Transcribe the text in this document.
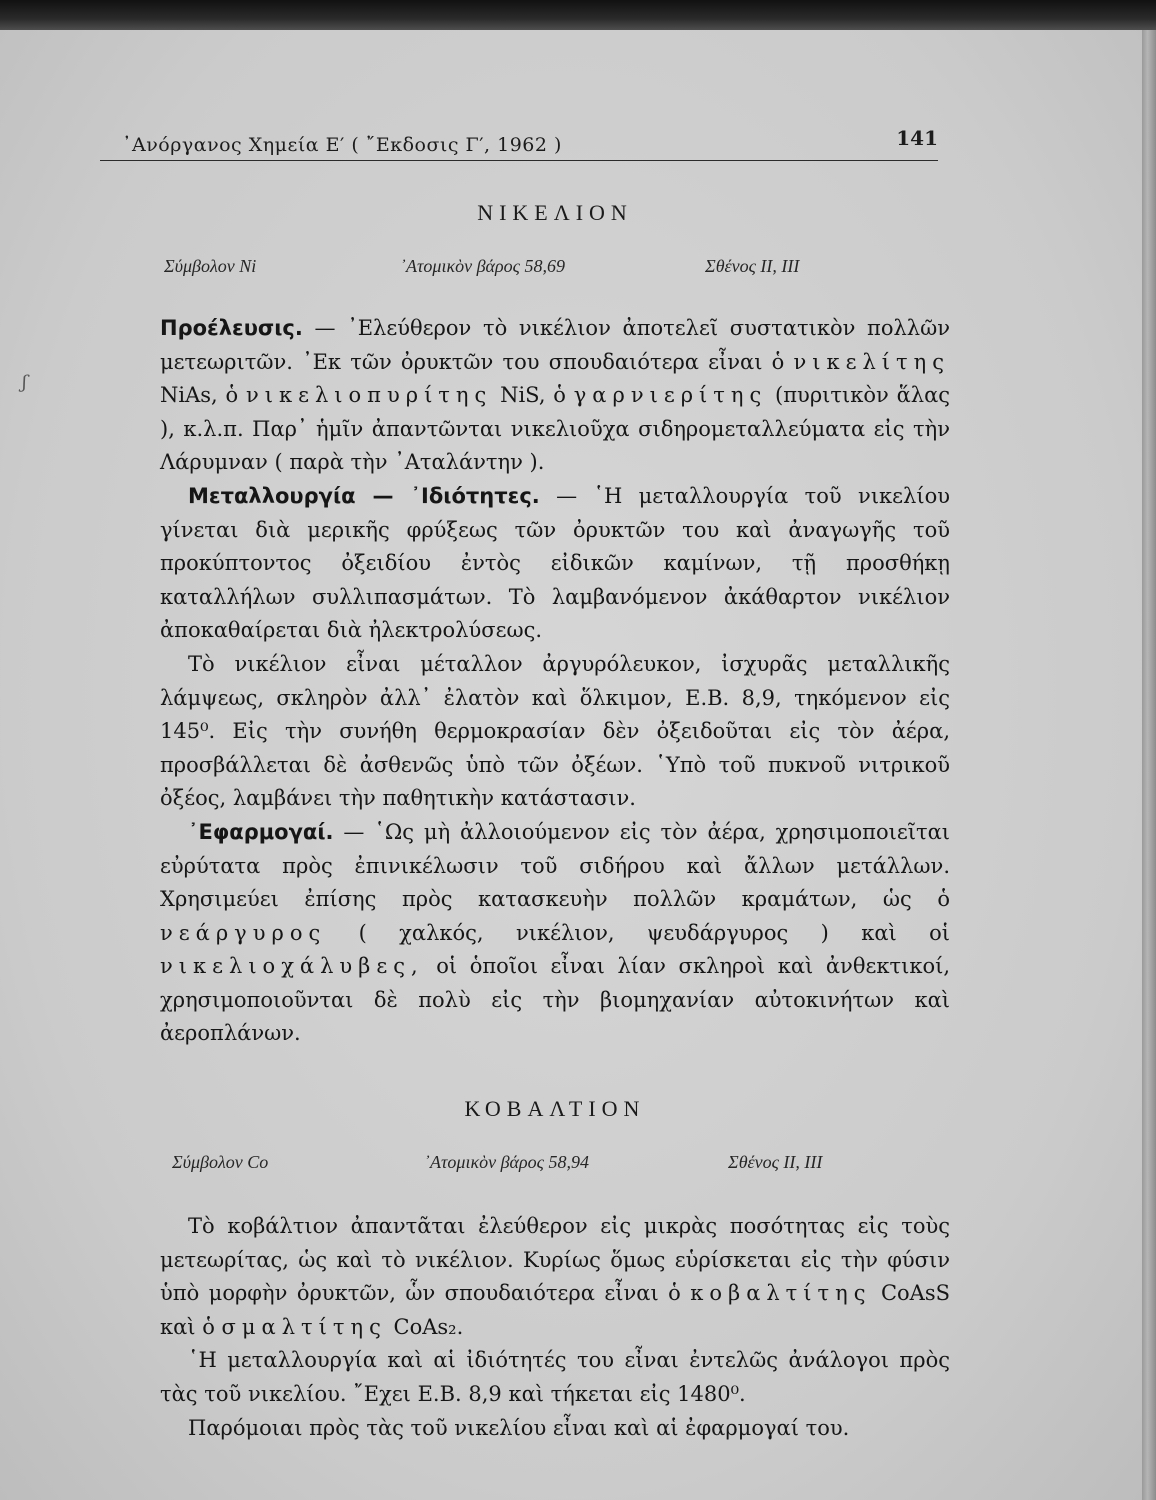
᾿Ανόργανος Χημεία Ε′ ( ῎Εκδοσις Γ′, 1962 )	141
ʃ
ΝΙΚΕΛΙΟΝ
Σύμβολον Νi	᾿Ατομικὸν βάρος 58,69	Σθένος ΙΙ, ΙΙΙ

Προέλευσις. — ᾿Ελεύθερον τὸ νικέλιον ἀποτελεῖ συστατικὸν πολλῶν μετεωριτῶν. ᾿Εκ τῶν ὀρυκτῶν του σπουδαιότερα εἶναι ὁ νικελίτης NiAs, ὁ νικελιοπυρίτης NiS, ὁ γαρνιερίτης (πυριτικὸν ἅλας ), κ.λ.π. Παρ᾿ ἡμῖν ἀπαντῶνται νικελιοῦχα σιδηρομεταλλεύματα εἰς τὴν Λάρυμναν ( παρὰ τὴν ᾿Αταλάντην ).

Μεταλλουργία — ᾿Ιδιότητες. — ῾Η μεταλλουργία τοῦ νικελίου γίνεται διὰ μερικῆς φρύξεως τῶν ὀρυκτῶν του καὶ ἀναγωγῆς τοῦ προκύπτοντος ὀξειδίου ἐντὸς εἰδικῶν καμίνων, τῇ προσθήκῃ καταλλήλων συλλιπασμάτων. Τὸ λαμβανόμενον ἀκάθαρτον νικέλιον ἀποκαθαίρεται διὰ ἠλεκτρολύσεως.

Τὸ νικέλιον εἶναι μέταλλον ἀργυρόλευκον, ἰσχυρᾶς μεταλλικῆς λάμψεως, σκληρὸν ἀλλ᾿ ἐλατὸν καὶ ὅλκιμον, Ε.Β. 8,9, τηκόμενον εἰς 145⁰. Εἰς τὴν συνήθη θερμοκρασίαν δὲν ὀξειδοῦται εἰς τὸν ἀέρα, προσβάλλεται δὲ ἀσθενῶς ὑπὸ τῶν ὀξέων. ῾Υπὸ τοῦ πυκνοῦ νιτρικοῦ ὀξέος, λαμβάνει τὴν παθητικὴν κατάστασιν.

᾿Εφαρμογαί. — ῾Ως μὴ ἀλλοιούμενον εἰς τὸν ἀέρα, χρησιμοποιεῖται εὐρύτατα πρὸς ἐπινικέλωσιν τοῦ σιδήρου καὶ ἄλλων μετάλλων. Χρησιμεύει ἐπίσης πρὸς κατασκευὴν πολλῶν κραμάτων, ὡς ὁ νεάργυρος ( χαλκός, νικέλιον, ψευδάργυρος ) καὶ οἱ νικελιοχάλυβες, οἱ ὁποῖοι εἶναι λίαν σκληροὶ καὶ ἀνθεκτικοί, χρησιμοποιοῦνται δὲ πολὺ εἰς τὴν βιομηχανίαν αὐτοκινήτων καὶ ἀεροπλάνων.

ΚΟΒΑΛΤΙΟΝ
Σύμβολον Co	᾿Ατομικὸν βάρος 58,94	Σθένος ΙΙ, ΙΙΙ

Τὸ κοβάλτιον ἀπαντᾶται ἐλεύθερον εἰς μικρὰς ποσότητας εἰς τοὺς μετεωρίτας, ὡς καὶ τὸ νικέλιον. Κυρίως ὅμως εὑρίσκεται εἰς τὴν φύσιν ὑπὸ μορφὴν ὀρυκτῶν, ὧν σπουδαιότερα εἶναι ὁ κοβαλτίτης CoAsS καὶ ὁ σμαλτίτης CoAs₂.

῾Η μεταλλουργία καὶ αἱ ἰδιότητές του εἶναι ἐντελῶς ἀνάλογοι πρὸς τὰς τοῦ νικελίου. ῎Εχει Ε.Β. 8,9 καὶ τήκεται εἰς 1480⁰.

Παρόμοιαι πρὸς τὰς τοῦ νικελίου εἶναι καὶ αἱ ἐφαρμογαί του.
